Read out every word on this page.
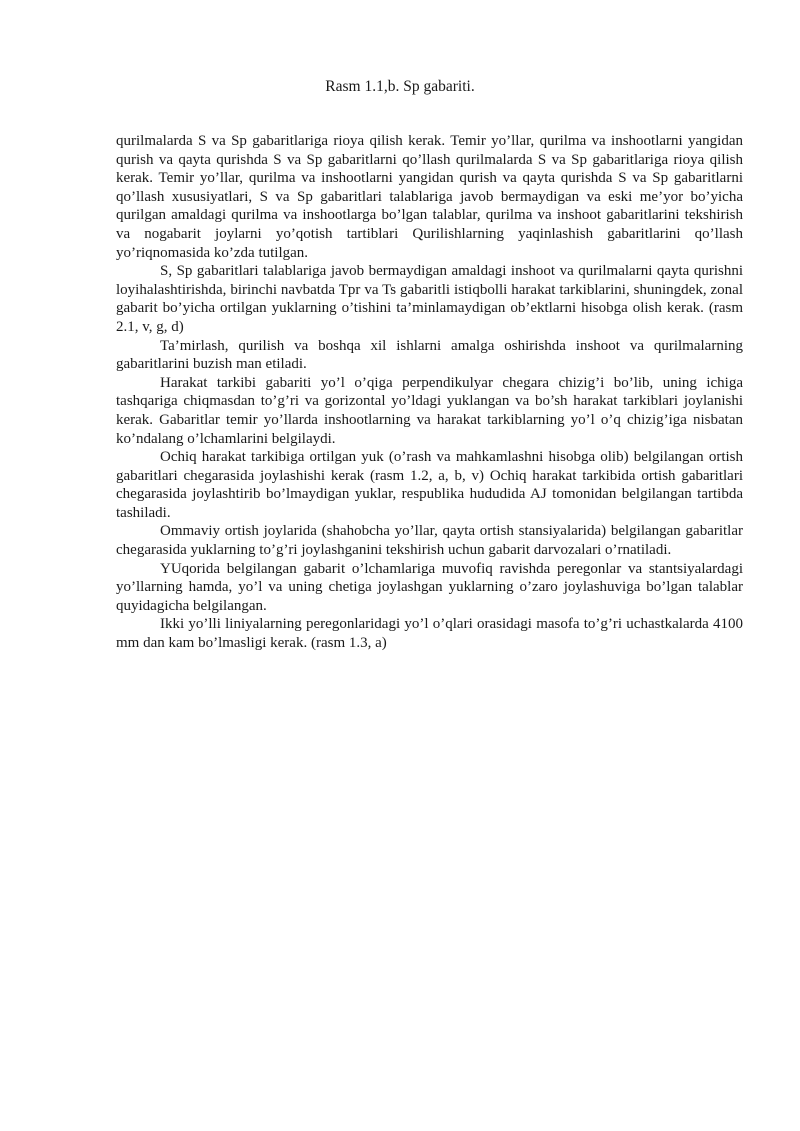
Rasm 1.1,b. Sp gabariti.

qurilmalarda S va Sp gabaritlariga rioya qilish kerak. Temir yo’llar, qurilma va inshootlarni yangidan qurish va qayta qurishda S va Sp gabaritlarni qo’llash qurilmalarda S va Sp gabaritlariga rioya qilish kerak. Temir yo’llar, qurilma va inshootlarni yangidan qurish va qayta qurishda S va Sp gabaritlarni qo’llash xususiyatlari, S va Sp gabaritlari talablariga javob bermaydigan va eski me’yor bo’yicha qurilgan amaldagi qurilma va inshootlarga bo’lgan talablar, qurilma va inshoot gabaritlarini tekshirish va nogabarit joylarni yo’qotish tartiblari Qurilishlarning yaqinlashish gabaritlarini qo’llash yo’riqnomasida ko’zda tutilgan.

S, Sp gabaritlari talablariga javob bermaydigan amaldagi inshoot va qurilmalarni qayta qurishni loyihalashtirishda, birinchi navbatda Tpr va Ts gabaritli istiqbolli harakat tarkiblarini, shuningdek, zonal gabarit bo’yicha ortilgan yuklarning o’tishini ta’minlamaydigan ob’ektlarni hisobga olish kerak. (rasm 2.1, v, g, d)

Ta’mirlash, qurilish va boshqa xil ishlarni amalga oshirishda inshoot va qurilmalarning gabaritlarini buzish man etiladi.

Harakat tarkibi gabariti yo’l o’qiga perpendikulyar chegara chizig’i bo’lib, uning ichiga tashqariga chiqmasdan to’g’ri va gorizontal yo’ldagi yuklangan va bo’sh harakat tarkiblari joylanishi kerak. Gabaritlar temir yo’llarda inshootlarning va harakat tarkiblarning yo’l o’q chizig’iga nisbatan ko’ndalang o’lchamlarini belgilaydi.

Ochiq harakat tarkibiga ortilgan yuk (o’rash va mahkamlashni hisobga olib) belgilangan ortish gabaritlari chegarasida joylashishi kerak (rasm 1.2, a, b, v) Ochiq harakat tarkibida ortish gabaritlari chegarasida joylashtirib bo’lmaydigan yuklar, respublika hududida AJ tomonidan belgilangan tartibda tashiladi.

Ommaviy ortish joylarida (shahobcha yo’llar, qayta ortish stansiyalarida) belgilangan gabaritlar chegarasida yuklarning to’g’ri joylashganini tekshirish uchun gabarit darvozalari o’rnatiladi.

YUqorida belgilangan gabarit o’lchamlariga muvofiq ravishda peregonlar va stantsiyalardagi yo’llarning hamda, yo’l va uning chetiga joylashgan yuklarning o’zaro joylashuviga bo’lgan talablar quyidagicha belgilangan.

Ikki yo’lli liniyalarning peregonlaridagi yo’l o’qlari orasidagi masofa to’g’ri uchastkalarda 4100 mm dan kam bo’lmasligi kerak. (rasm 1.3, a)
